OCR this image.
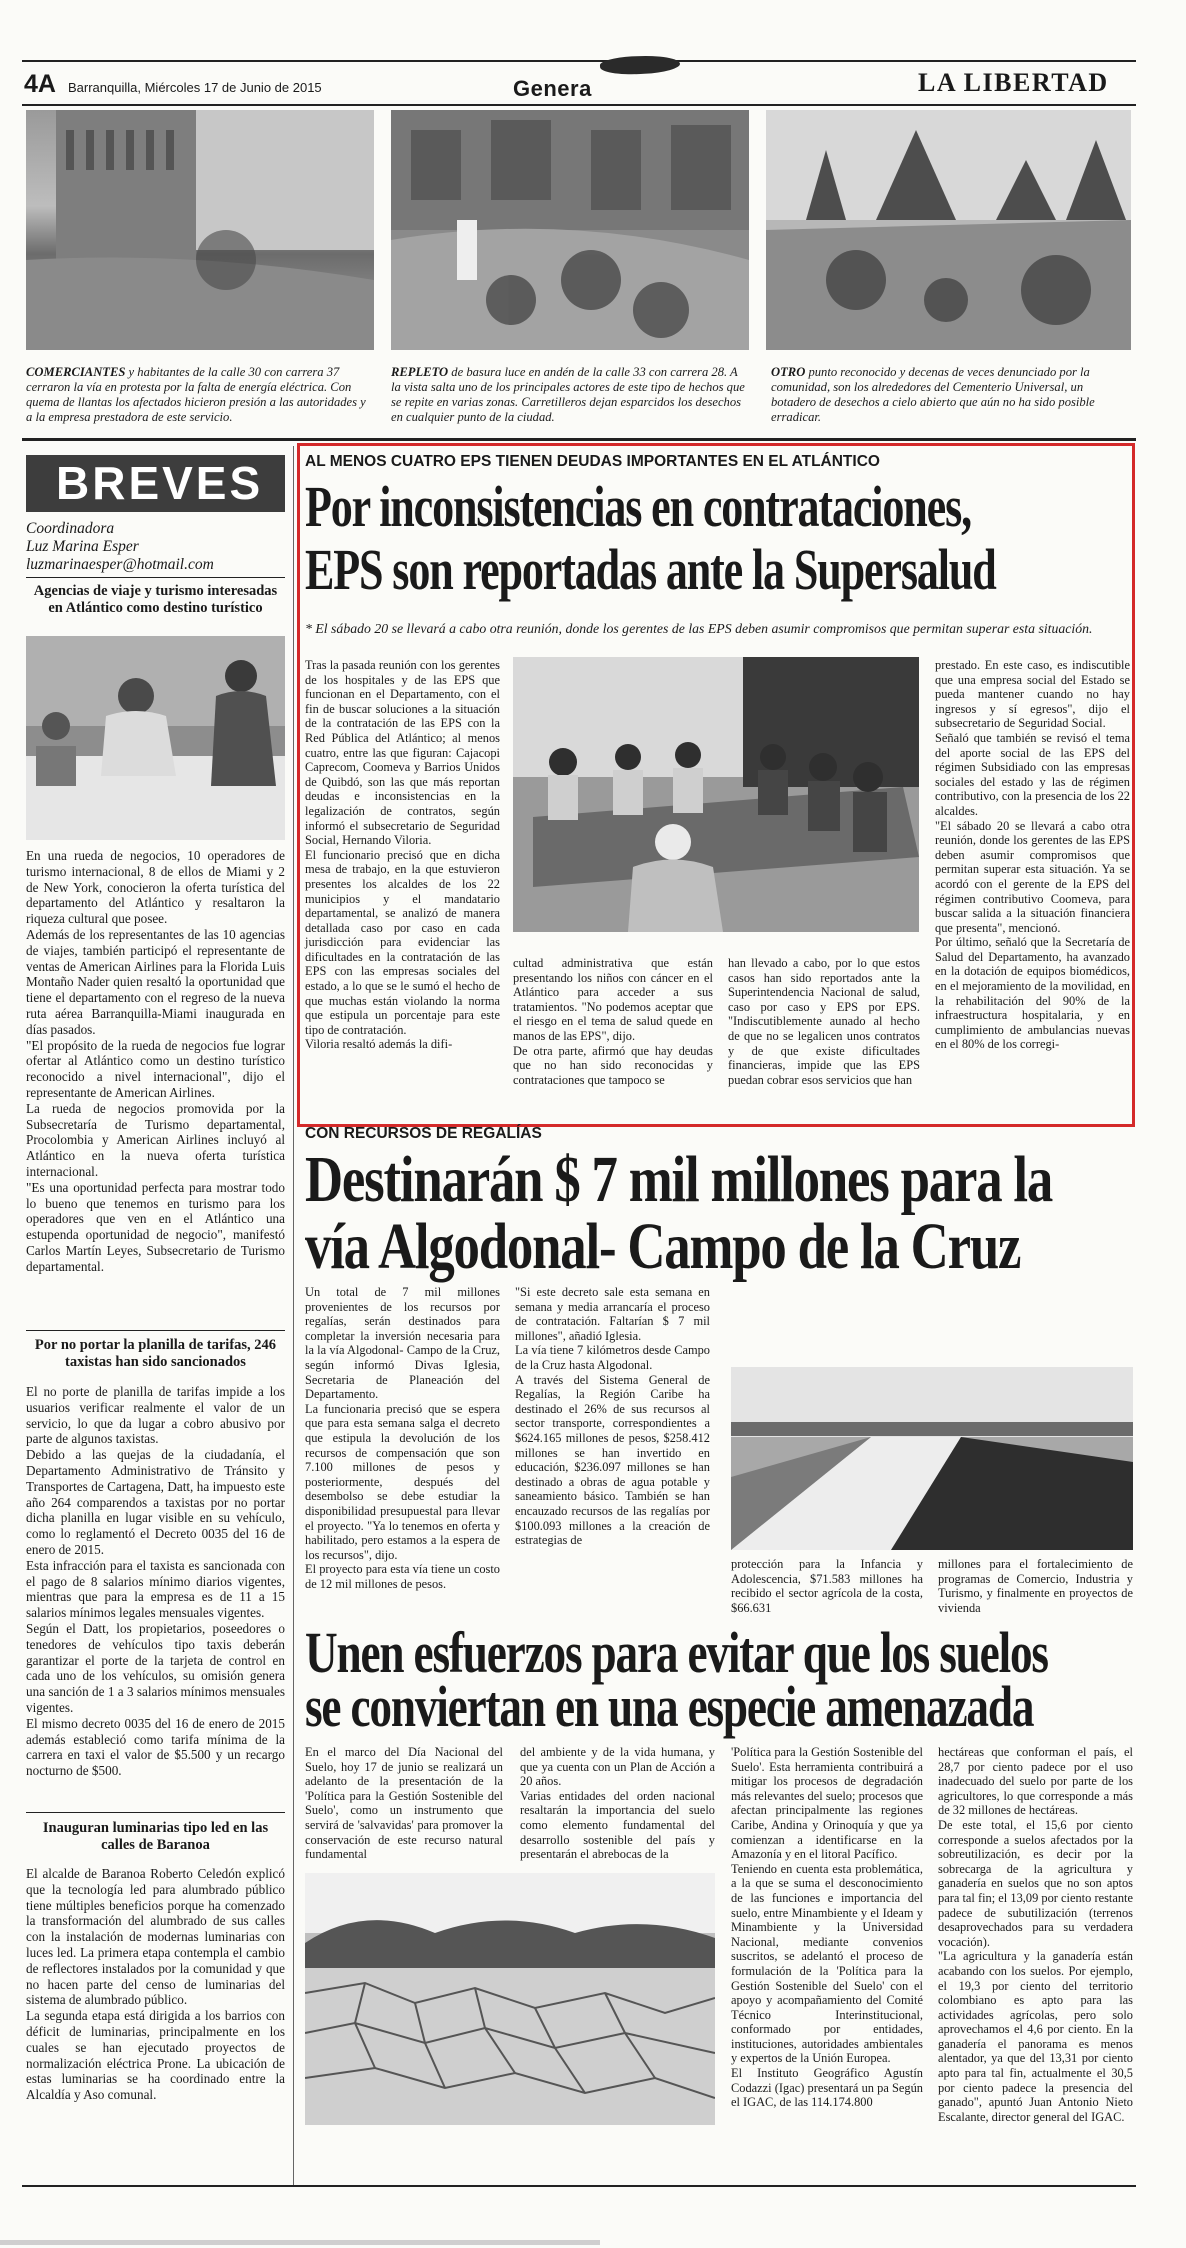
4A Barranquilla, Miércoles 17 de Junio de 2015	Genera	LA LIBERTAD
COMERCIANTES y habitantes de la calle 30 con carrera 37 cerraron la vía en protesta por la falta de energía eléctrica. Con quema de llantas los afectados hicieron presión a las autoridades y a la empresa prestadora de este servicio.
REPLETO de basura luce en andén de la calle 33 con carrera 28. A la vista salta uno de los principales actores de este tipo de hechos que se repite en varias zonas. Carretilleros dejan esparcidos los desechos en cualquier punto de la ciudad.
OTRO punto reconocido y decenas de veces denunciado por la comunidad, son los alrededores del Cementerio Universal, un botadero de desechos a cielo abierto que aún no ha sido posible erradicar.
BREVES
Coordinadora
Luz Marina Esper
luzmarinaesper@hotmail.com
Agencias de viaje y turismo interesadas en Atlántico como destino turístico
En una rueda de negocios, 10 operadores de turismo internacional, 8 de ellos de Miami y 2 de New York, conocieron la oferta turística del departamento del Atlántico y resaltaron la riqueza cultural que posee.
Además de los representantes de las 10 agencias de viajes, también participó el representante de ventas de American Airlines para la Florida Luis Montaño Nader quien resaltó la oportunidad que tiene el departamento con el regreso de la nueva ruta aérea Barranquilla-Miami inaugurada en días pasados.
"El propósito de la rueda de negocios fue lograr ofertar al Atlántico como un destino turístico reconocido a nivel internacional", dijo el representante de American Airlines.
La rueda de negocios promovida por la Subsecretaría de Turismo departamental, Procolombia y American Airlines incluyó al Atlántico en la nueva oferta turística internacional.
"Es una oportunidad perfecta para mostrar todo lo bueno que tenemos en turismo para los operadores que ven en el Atlántico una estupenda oportunidad de negocio", manifestó Carlos Martín Leyes, Subsecretario de Turismo departamental.
Por no portar la planilla de tarifas, 246 taxistas han sido sancionados
El no porte de planilla de tarifas impide a los usuarios verificar realmente el valor de un servicio, lo que da lugar a cobro abusivo por parte de algunos taxistas.
Debido a las quejas de la ciudadanía, el Departamento Administrativo de Tránsito y Transportes de Cartagena, Datt, ha impuesto este año 264 comparendos a taxistas por no portar dicha planilla en lugar visible en su vehículo, como lo reglamentó el Decreto 0035 del 16 de enero de 2015.
Esta infracción para el taxista es sancionada con el pago de 8 salarios mínimo diarios vigentes, mientras que para la empresa es de 11 a 15 salarios mínimos legales mensuales vigentes.
Según el Datt, los propietarios, poseedores o tenedores de vehículos tipo taxis deberán garantizar el porte de la tarjeta de control en cada uno de los vehículos, su omisión genera una sanción de 1 a 3 salarios mínimos mensuales vigentes.
El mismo decreto 0035 del 16 de enero de 2015 además estableció como tarifa mínima de la carrera en taxi el valor de $5.500 y un recargo nocturno de $500.
Inauguran luminarias tipo led en las calles de Baranoa
El alcalde de Baranoa Roberto Celedón explicó que la tecnología led para alumbrado público tiene múltiples beneficios porque ha comenzado la transformación del alumbrado de sus calles con la instalación de modernas luminarias con luces led. La primera etapa contempla el cambio de reflectores instalados por la comunidad y que no hacen parte del censo de luminarias del sistema de alumbrado público.
La segunda etapa está dirigida a los barrios con déficit de luminarias, principalmente en los cuales se han ejecutado proyectos de normalización eléctrica Prone. La ubicación de estas luminarias se ha coordinado entre la Alcaldía y Aso comunal.
AL MENOS CUATRO EPS TIENEN DEUDAS IMPORTANTES EN EL ATLÁNTICO
Por inconsistencias en contrataciones,
EPS son reportadas ante la Supersalud
* El sábado 20 se llevará a cabo otra reunión, donde los gerentes de las EPS deben asumir compromisos que permitan superar esta situación.
Tras la pasada reunión con los gerentes de los hospitales y de las EPS que funcionan en el Departamento, con el fin de buscar soluciones a la situación de la contratación de las EPS con la Red Pública del Atlántico; al menos cuatro, entre las que figuran: Cajacopi Caprecom, Coomeva y Barrios Unidos de Quibdó, son las que más reportan deudas e inconsistencias en la legalización de contratos, según informó el subsecretario de Seguridad Social, Hernando Viloria.
El funcionario precisó que en dicha mesa de trabajo, en la que estuvieron presentes los alcaldes de los 22 municipios y el mandatario departamental, se analizó de manera detallada caso por caso en cada jurisdicción para evidenciar las dificultades en la contratación de las EPS con las empresas sociales del estado, a lo que se le sumó el hecho de que muchas están violando la norma que estipula un porcentaje para este tipo de contratación.
Viloria resaltó además la difi-
cultad administrativa que están presentando los niños con cáncer en el Atlántico para acceder a sus tratamientos. "No podemos aceptar que el riesgo en el tema de salud quede en manos de las EPS", dijo.
De otra parte, afirmó que hay deudas que no han sido reconocidas y contrataciones que tampoco se
han llevado a cabo, por lo que estos casos han sido reportados ante la Superintendencia Nacional de salud, caso por caso y EPS por EPS. "Indiscutiblemente aunado al hecho de que no se legalicen unos contratos y de que existe dificultades financieras, impide que las EPS puedan cobrar esos servicios que han
prestado. En este caso, es indiscutible que una empresa social del Estado se pueda mantener cuando no hay ingresos y sí egresos", dijo el subsecretario de Seguridad Social.
Señaló que también se revisó el tema del aporte social de las EPS del régimen Subsidiado con las empresas sociales del estado y las de régimen contributivo, con la presencia de los 22 alcaldes.
"El sábado 20 se llevará a cabo otra reunión, donde los gerentes de las EPS deben asumir compromisos que permitan superar esta situación. Ya se acordó con el gerente de la EPS del régimen contributivo Coomeva, para buscar salida a la situación financiera que presenta", mencionó.
Por último, señaló que la Secretaría de Salud del Departamento, ha avanzado en la dotación de equipos biomédicos, en el mejoramiento de la movilidad, en la rehabilitación del 90% de la infraestructura hospitalaria, y en cumplimiento de ambulancias nuevas en el 80% de los corregi-
CON RECURSOS DE REGALÍAS
Destinarán $ 7 mil millones para la
vía Algodonal- Campo de la Cruz
Un total de 7 mil millones provenientes de los recursos por regalías, serán destinados para completar la inversión necesaria para la la vía Algodonal- Campo de la Cruz, según informó Divas Iglesia, Secretaria de Planeación del Departamento.
La funcionaria precisó que se espera que para esta semana salga el decreto que estipula la devolución de los recursos de compensación que son 7.100 millones de pesos y posteriormente, después del desembolso se debe estudiar la disponibilidad presupuestal para llevar el proyecto. "Ya lo tenemos en oferta y habilitado, pero estamos a la espera de los recursos", dijo.
El proyecto para esta vía tiene un costo de 12 mil millones de pesos.
"Si este decreto sale esta semana en semana y media arrancaría el proceso de contratación. Faltarían $ 7 mil millones", añadió Iglesia.
La vía tiene 7 kilómetros desde Campo de la Cruz hasta Algodonal.
A través del Sistema General de Regalías, la Región Caribe ha destinado el 26% de sus recursos al sector transporte, correspondientes a $624.165 millones de pesos, $258.412 millones se han invertido en educación, $236.097 millones se han destinado a obras de agua potable y saneamiento básico. También se han encauzado recursos de las regalías por $100.093 millones a la creación de estrategias de
protección para la Infancia y Adolescencia, $71.583 millones ha recibido el sector agrícola de la costa, $66.631
millones para el fortalecimiento de programas de Comercio, Industria y Turismo, y finalmente en proyectos de vivienda
Unen esfuerzos para evitar que los suelos
se conviertan en una especie amenazada
En el marco del Día Nacional del Suelo, hoy 17 de junio se realizará un adelanto de la presentación de la 'Política para la Gestión Sostenible del Suelo', como un instrumento que servirá de 'salvavidas' para promover la conservación de este recurso natural fundamental
del ambiente y de la vida humana, y que ya cuenta con un Plan de Acción a 20 años.
Varias entidades del orden nacional resaltarán la importancia del suelo como elemento fundamental del desarrollo sostenible del país y presentarán el abrebocas de la
'Política para la Gestión Sostenible del Suelo'. Esta herramienta contribuirá a mitigar los procesos de degradación más relevantes del suelo; procesos que afectan principalmente las regiones Caribe, Andina y Orinoquía y que ya comienzan a identificarse en la Amazonía y en el litoral Pacífico.
Teniendo en cuenta esta problemática, a la que se suma el desconocimiento de las funciones e importancia del suelo, entre Minambiente y el Ideam y Minambiente y la Universidad Nacional, mediante convenios suscritos, se adelantó el proceso de formulación de la 'Política para la Gestión Sostenible del Suelo' con el apoyo y acompañamiento del Comité Técnico Interinstitucional, conformado por entidades, instituciones, autoridades ambientales y expertos de la Unión Europea.
El Instituto Geográfico Agustín Codazzi (Igac) presentará un pa Según el IGAC, de las 114.174.800
hectáreas que conforman el país, el 28,7 por ciento padece por el uso inadecuado del suelo por parte de los agricultores, lo que corresponde a más de 32 millones de hectáreas.
De este total, el 15,6 por ciento corresponde a suelos afectados por la sobreutilización, es decir por la sobrecarga de la agricultura y ganadería en suelos que no son aptos para tal fin; el 13,09 por ciento restante padece de subutilización (terrenos desaprovechados para su verdadera vocación).
"La agricultura y la ganadería están acabando con los suelos. Por ejemplo, el 19,3 por ciento del territorio colombiano es apto para las actividades agrícolas, pero solo aprovechamos el 4,6 por ciento. En la ganadería el panorama es menos alentador, ya que del 13,31 por ciento apto para tal fin, actualmente el 30,5 por ciento padece la presencia del ganado", apuntó Juan Antonio Nieto Escalante, director general del IGAC.
